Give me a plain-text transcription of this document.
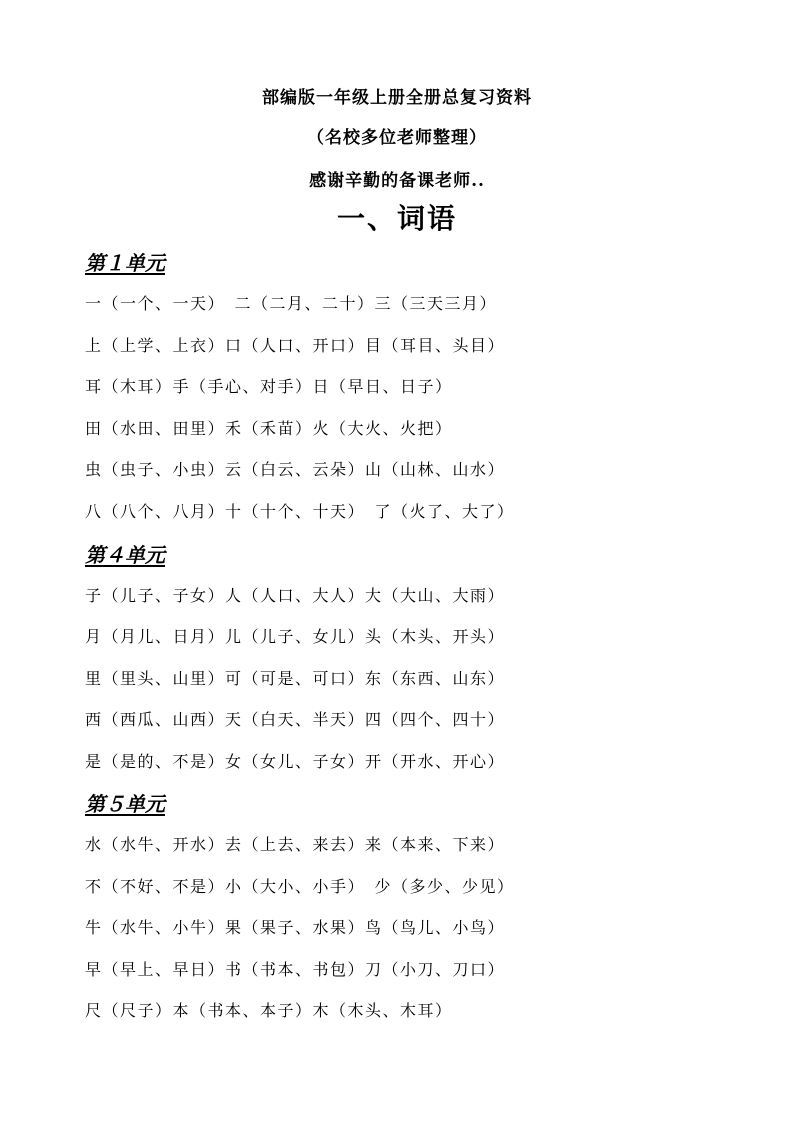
部编版一年级上册全册总复习资料
（名校多位老师整理）
感谢辛勤的备课老师..
一、词语
第１单元
一（一个、一天）　二（二月、二十）三（三天三月）
上（上学、上衣）口（人口、开口）目（耳目、头目）
耳（木耳）手（手心、对手）日（早日、日子）
田（水田、田里）禾（禾苗）火（大火、火把）
虫（虫子、小虫）云（白云、云朵）山（山林、山水）
八（八个、八月）十（十个、十天）　了（火了、大了）
第４单元
子（儿子、子女）人（人口、大人）大（大山、大雨）
月（月儿、日月）儿（儿子、女儿）头（木头、开头）
里（里头、山里）可（可是、可口）东（东西、山东）
西（西瓜、山西）天（白天、半天）四（四个、四十）
是（是的、不是）女（女儿、子女）开（开水、开心）
第５单元
水（水牛、开水）去（上去、来去）来（本来、下来）
不（不好、不是）小（大小、小手）　少（多少、少见）
牛（水牛、小牛）果（果子、水果）鸟（鸟儿、小鸟）
早（早上、早日）书（书本、书包）刀（小刀、刀口）
尺（尺子）本（书本、本子）木（木头、木耳）
